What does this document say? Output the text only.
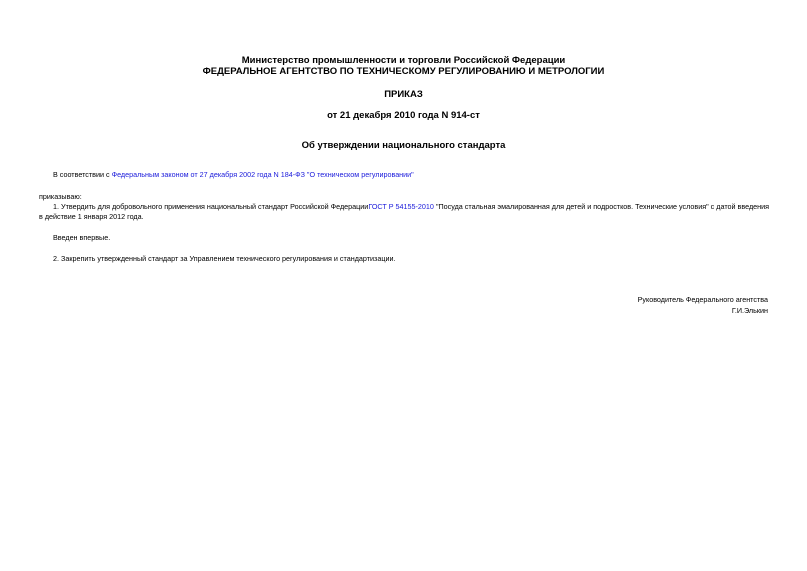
Министерство промышленности и торговли Российской Федерации
ФЕДЕРАЛЬНОЕ АГЕНТСТВО ПО ТЕХНИЧЕСКОМУ РЕГУЛИРОВАНИЮ И МЕТРОЛОГИИ
ПРИКАЗ
от 21 декабря 2010 года N 914-ст
Об утверждении национального стандарта
В соответствии с Федеральным законом от 27 декабря 2002 года N 184-ФЗ "О техническом регулировании"
приказываю:
1. Утвердить для добровольного применения национальный стандарт Российской ФедерацииГОСТ Р 54155-2010 "Посуда стальная эмалированная для детей и подростков. Технические условия" с датой введения в действие 1 января 2012 года.
Введен впервые.
2. Закрепить утвержденный стандарт за Управлением технического регулирования и стандартизации.
Руководитель Федерального агентства
Г.И.Элькин
